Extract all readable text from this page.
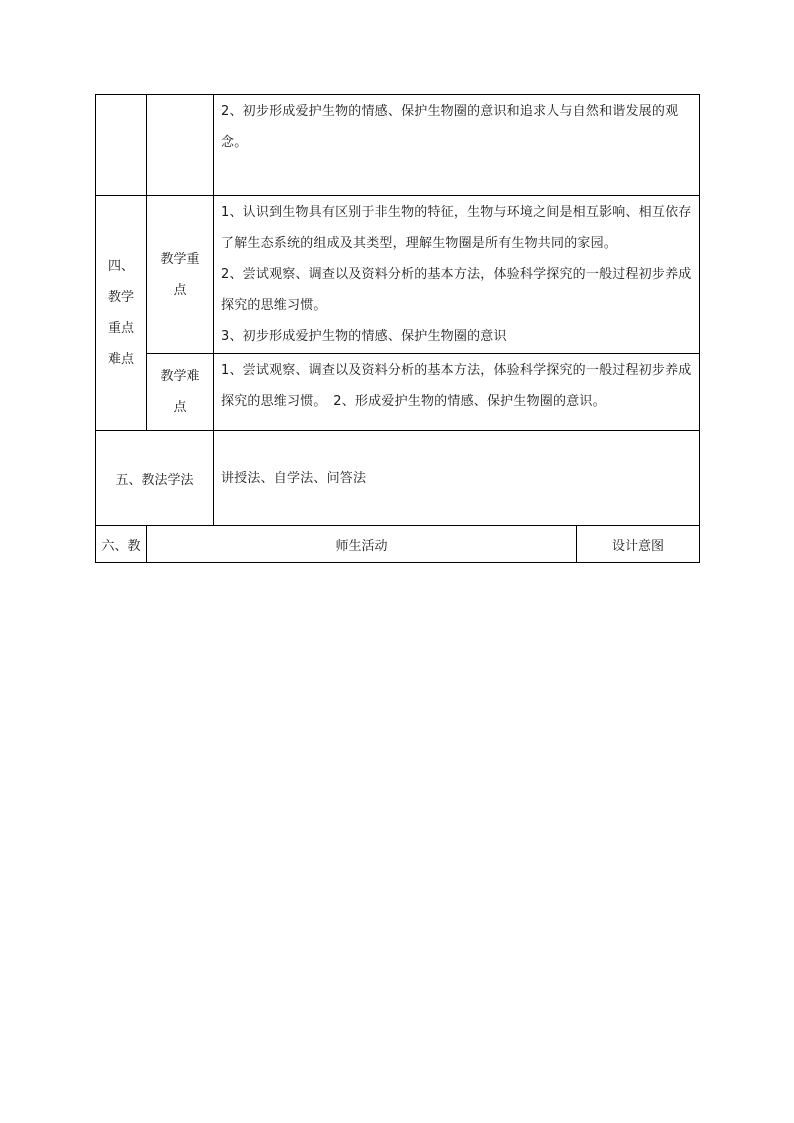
		2、初步形成爱护生物的情感、保护生物圈的意识和追求人与自然和谐发展的观念。	

四、教学重点难点	教学重点	1、认识到生物具有区别于非生物的特征，生物与环境之间是相互影响、相互依存　了解生态系统的组成及其类型，理解生物圈是所有生物共同的家园。

2、尝试观察、调查以及资料分析的基本方法，体验科学探究的一般过程初步养成探究的思维习惯。

3、初步形成爱护生物的情感、保护生物圈的意识	

	教学难点	1、尝试观察、调查以及资料分析的基本方法，体验科学探究的一般过程初步养成探究的思维习惯。　2、形成爱护生物的情感、保护生物圈的意识。	

五、教法学法		讲授法、自学法、问答法	

六、教	师生活动		设计意图
